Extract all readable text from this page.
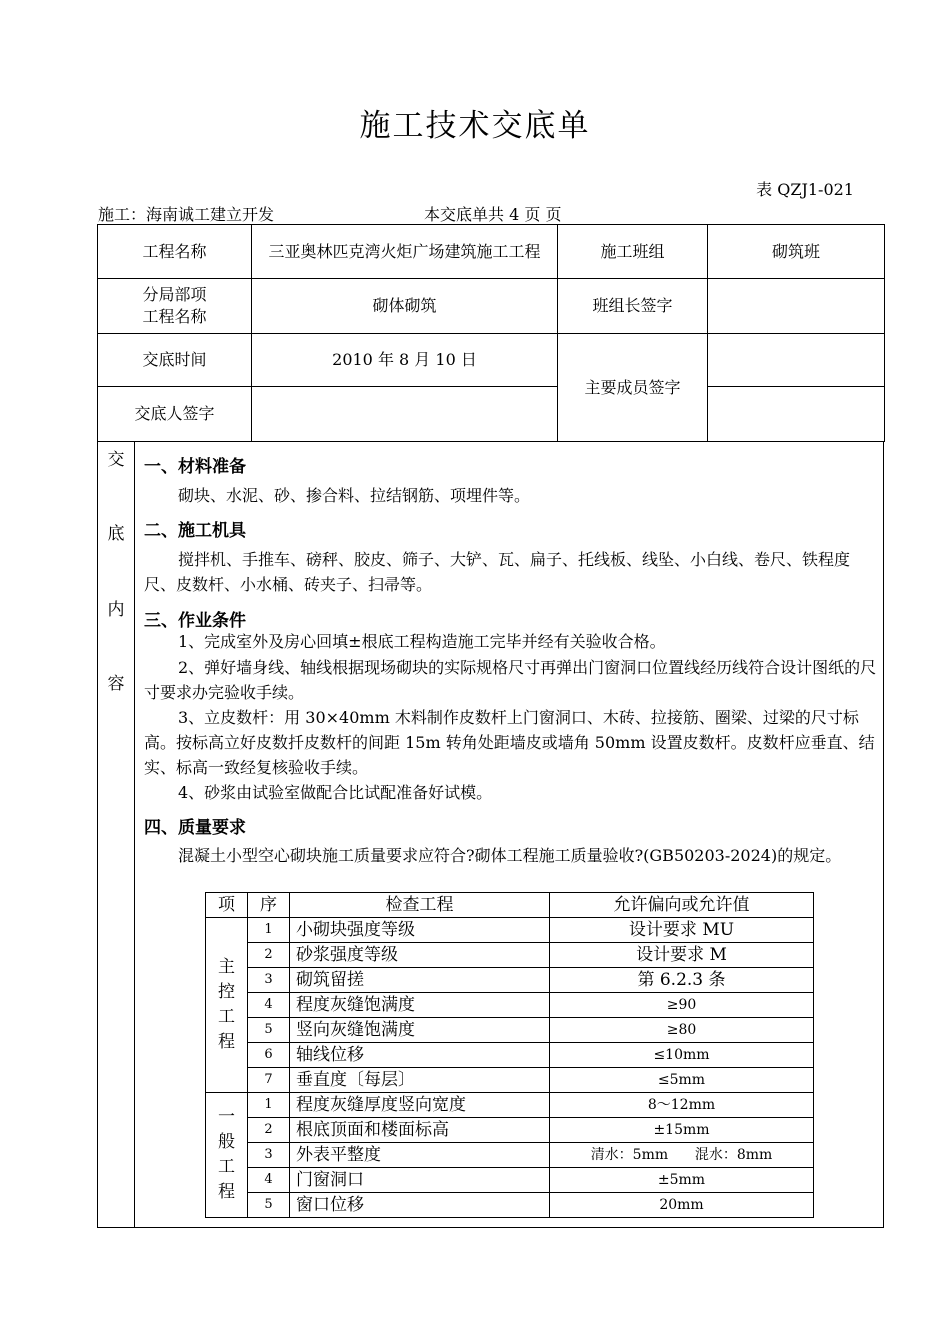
施工技术交底单
表 QZJ1-021
施工：海南诚工建立开发	本交底单共 4 页 页
工程名称	三亚奥林匹克湾火炬广场建筑施工工程	施工班组	砌筑班

分局部项
工程名称	砌体砌筑	班组长签字	
交底时间	2010 年 8 月 10 日	主要成员签字	
交底人签字			
交
底
内
容
一、材料准备
砌块、水泥、砂、掺合料、拉结钢筋、项埋件等。
二、施工机具
搅拌机、手推车、磅秤、胶皮、筛子、大铲、瓦、扁子、托线板、线坠、小白线、卷尺、铁程度尺、皮数杆、小水桶、砖夹子、扫帚等。
三、作业条件
1、完成室外及房心回填±根底工程构造施工完毕并经有关验收合格。
2、弹好墙身线、轴线根据现场砌块的实际规格尺寸再弹出门窗洞口位置线经历线符合设计图纸的尺寸要求办完验收手续。
3、立皮数杆：用 30×40mm 木料制作皮数杆上门窗洞口、木砖、拉接筋、圈梁、过梁的尺寸标高。按标高立好皮数扦皮数杆的间距 15m 转角处距墙皮或墙角 50mm 设置皮数杆。皮数杆应垂直、结实、标高一致经复核验收手续。
4、砂浆由试验室做配合比试配准备好试模。
四、质量要求
混凝土小型空心砌块施工质量要求应符合?砌体工程施工质量验收?(GB50203-2024)的规定。
项	序	检查工程	允许偏向或允许值

主
控
工
程	1	小砌块强度等级	设计要求 MU
	2	砂浆强度等级	设计要求 M
	3	砌筑留搓	第 6.2.3 条
	4	程度灰缝饱满度	≥90
	5	竖向灰缝饱满度	≥80
	6	轴线位移	≤10mm
	7	垂直度〔每层〕	≤5mm

一
般
工
程	1	程度灰缝厚度竖向宽度	8～12mm
	2	根底顶面和楼面标高	±15mm
	3	外表平整度	清水：5mm      混水：8mm
	4	门窗洞口	±5mm
	5	窗口位移	20mm
